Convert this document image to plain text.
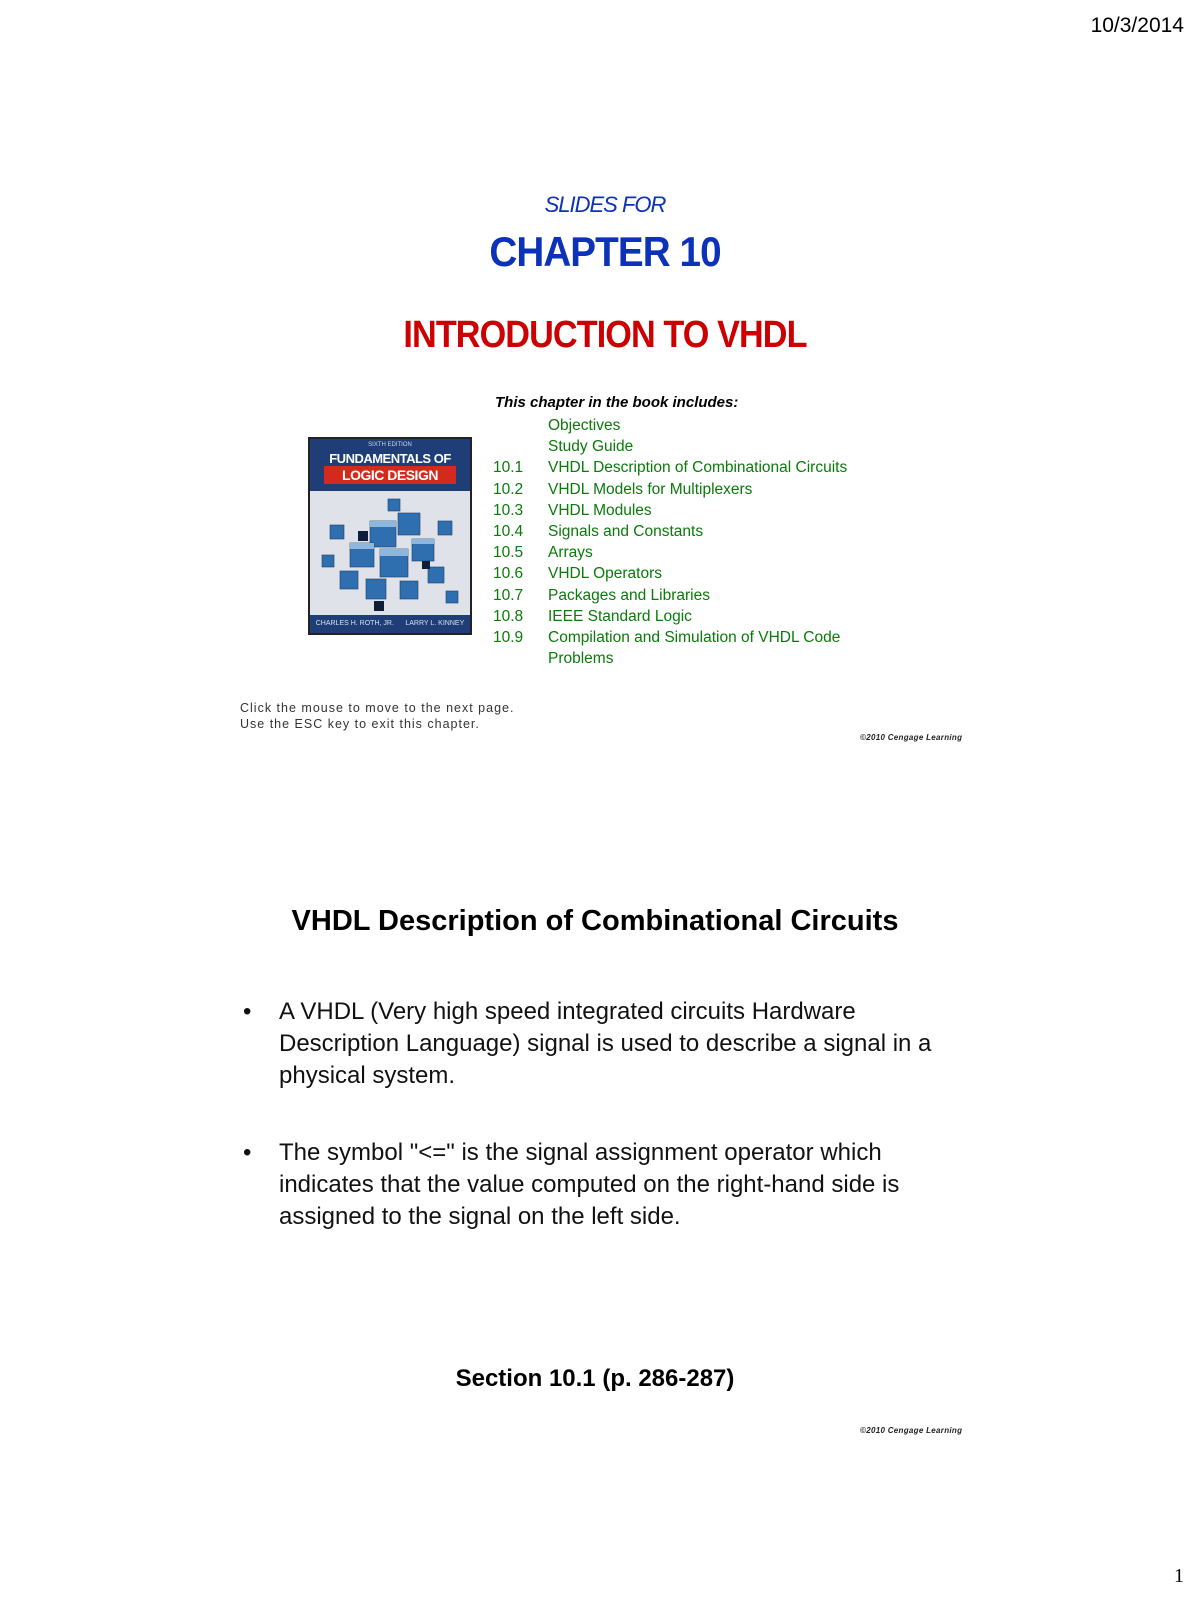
10/3/2014
SLIDES FOR
CHAPTER 10
INTRODUCTION TO VHDL
This chapter in the book includes:
Objectives
Study Guide
10.1 VHDL Description of Combinational Circuits
10.2 VHDL Models for Multiplexers
10.3 VHDL Modules
10.4 Signals and Constants
10.5 Arrays
10.6 VHDL Operators
10.7 Packages and Libraries
10.8 IEEE Standard Logic
10.9 Compilation and Simulation of VHDL Code
Problems
SIXTH EDITION
FUNDAMENTALS OF
LOGIC DESIGN
CHARLES H. ROTH, JR. LARRY L. KINNEY
Click the mouse to move to the next page.
Use the ESC key to exit this chapter.
©2010 Cengage Learning
VHDL Description of Combinational Circuits
• A VHDL (Very high speed integrated circuits Hardware Description Language) signal is used to describe a signal in a physical system.
• The symbol "<=" is the signal assignment operator which indicates that the value computed on the right-hand side is assigned to the signal on the left side.
Section 10.1 (p. 286-287)
©2010 Cengage Learning
1
